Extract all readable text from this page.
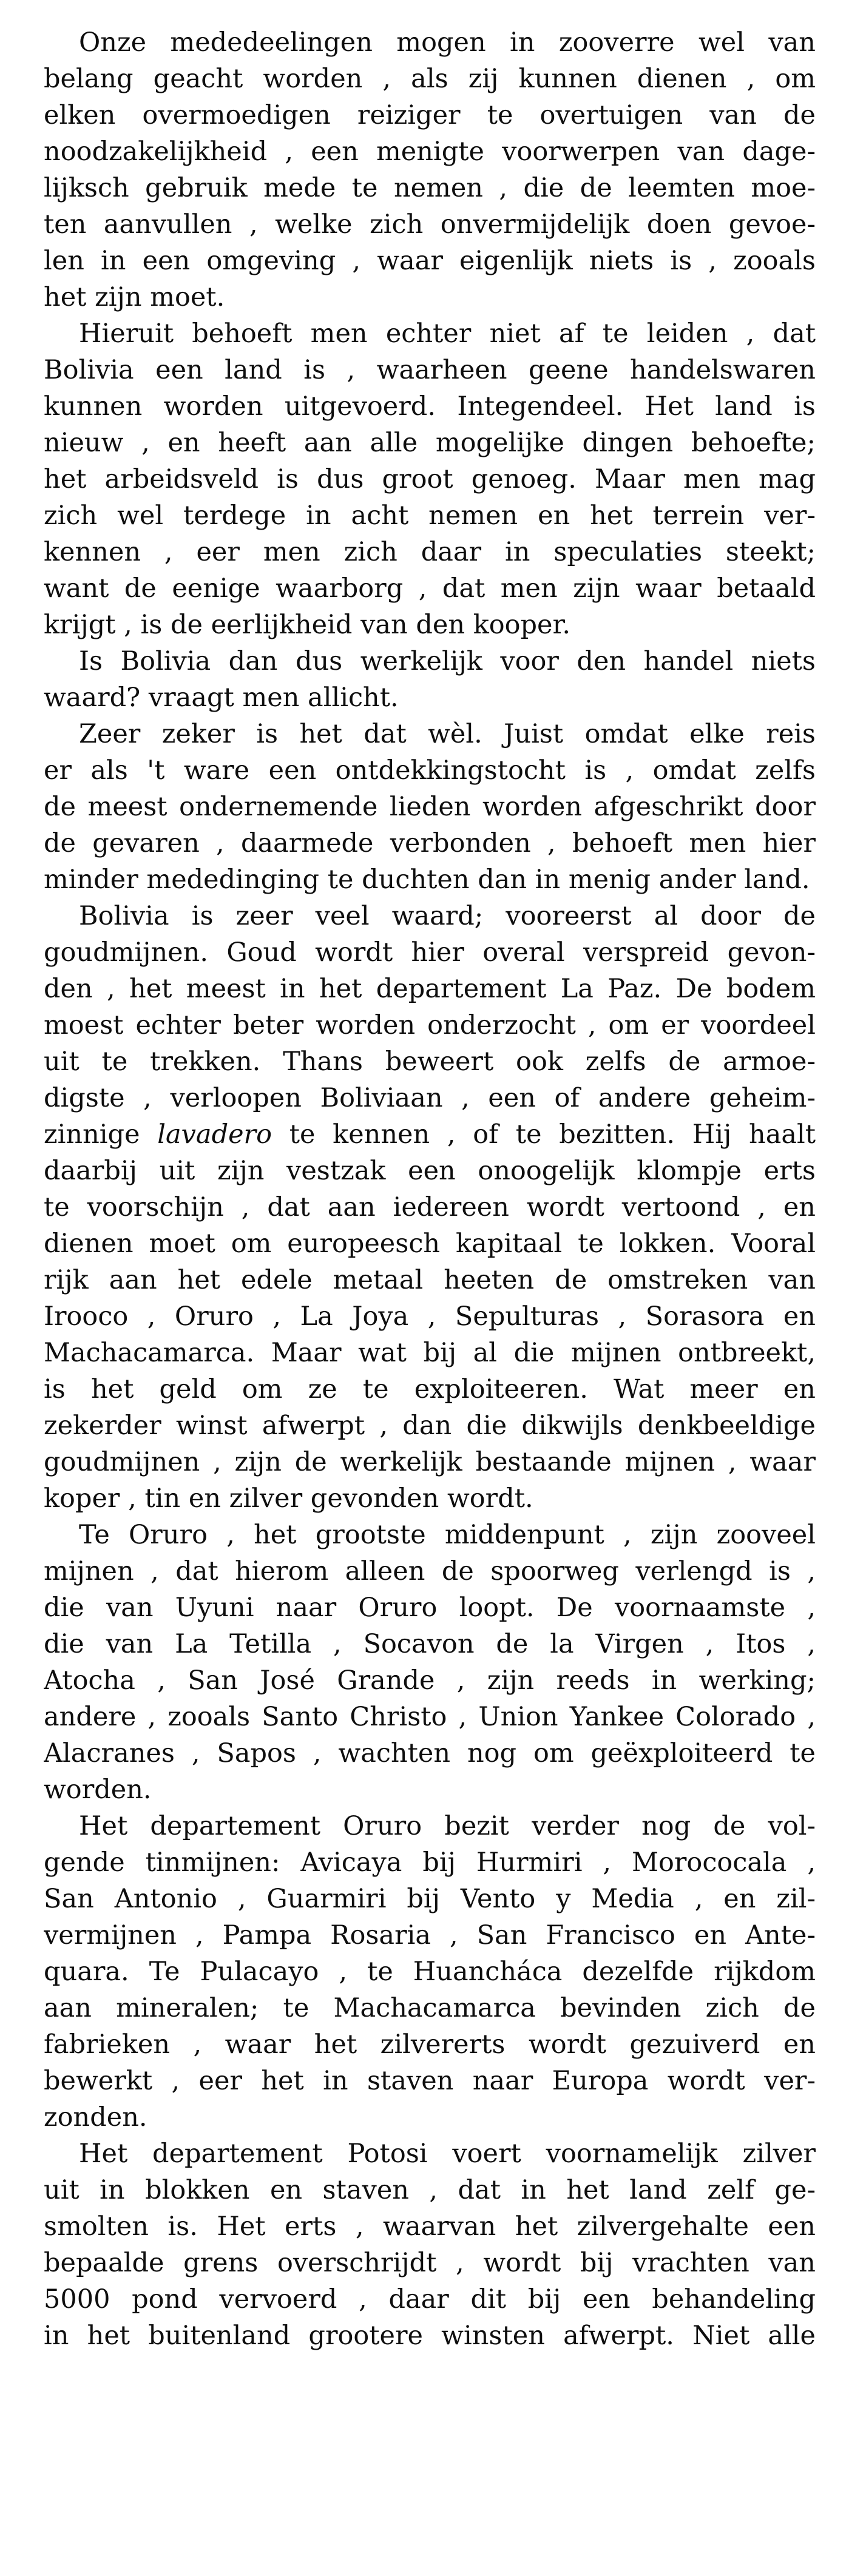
Onze mededeelingen mogen in zooverre wel van
belang geacht worden , als zij kunnen dienen , om
elken overmoedigen reiziger te overtuigen van de
noodzakelijkheid , een menigte voorwerpen van dage-
lijksch gebruik mede te nemen , die de leemten moe-
ten aanvullen , welke zich onvermijdelijk doen gevoe-
len in een omgeving , waar eigenlijk niets is , zooals
het zijn moet.
Hieruit behoeft men echter niet af te leiden , dat
Bolivia een land is , waarheen geene handelswaren
kunnen worden uitgevoerd. Integendeel. Het land is
nieuw , en heeft aan alle mogelijke dingen behoefte;
het arbeidsveld is dus groot genoeg. Maar men mag
zich wel terdege in acht nemen en het terrein ver-
kennen , eer men zich daar in speculaties steekt;
want de eenige waarborg , dat men zijn waar betaald
krijgt , is de eerlijkheid van den kooper.
Is Bolivia dan dus werkelijk voor den handel niets
waard? vraagt men allicht.
Zeer zeker is het dat wèl. Juist omdat elke reis
er als 't ware een ontdekkingstocht is , omdat zelfs
de meest ondernemende lieden worden afgeschrikt door
de gevaren , daarmede verbonden , behoeft men hier
minder mededinging te duchten dan in menig ander land.
Bolivia is zeer veel waard; vooreerst al door de
goudmijnen. Goud wordt hier overal verspreid gevon-
den , het meest in het departement La Paz. De bodem
moest echter beter worden onderzocht , om er voordeel
uit te trekken. Thans beweert ook zelfs de armoe-
digste , verloopen Boliviaan , een of andere geheim-
zinnige lavadero te kennen , of te bezitten. Hij haalt
daarbij uit zijn vestzak een onoogelijk klompje erts
te voorschijn , dat aan iedereen wordt vertoond , en
dienen moet om europeesch kapitaal te lokken. Vooral
rijk aan het edele metaal heeten de omstreken van
Irooco , Oruro , La Joya , Sepulturas , Sorasora en
Machacamarca. Maar wat bij al die mijnen ontbreekt,
is het geld om ze te exploiteeren. Wat meer en
zekerder winst afwerpt , dan die dikwijls denkbeeldige
goudmijnen , zijn de werkelijk bestaande mijnen , waar
koper , tin en zilver gevonden wordt.
Te Oruro , het grootste middenpunt , zijn zooveel
mijnen , dat hierom alleen de spoorweg verlengd is ,
die van Uyuni naar Oruro loopt. De voornaamste ,
die van La Tetilla , Socavon de la Virgen , Itos ,
Atocha , San José Grande , zijn reeds in werking;
andere , zooals Santo Christo , Union Yankee Colorado ,
Alacranes , Sapos , wachten nog om geëxploiteerd te
worden.
Het departement Oruro bezit verder nog de vol-
gende tinmijnen: Avicaya bij Hurmiri , Morococala ,
San Antonio , Guarmiri bij Vento y Media , en zil-
vermijnen , Pampa Rosaria , San Francisco en Ante-
quara. Te Pulacayo , te Huancháca dezelfde rijkdom
aan mineralen; te Machacamarca bevinden zich de
fabrieken , waar het zilvererts wordt gezuiverd en
bewerkt , eer het in staven naar Europa wordt ver-
zonden.
Het departement Potosi voert voornamelijk zilver
uit in blokken en staven , dat in het land zelf ge-
smolten is. Het erts , waarvan het zilvergehalte een
bepaalde grens overschrijdt , wordt bij vrachten van
5000 pond vervoerd , daar dit bij een behandeling
in het buitenland grootere winsten afwerpt. Niet alle
